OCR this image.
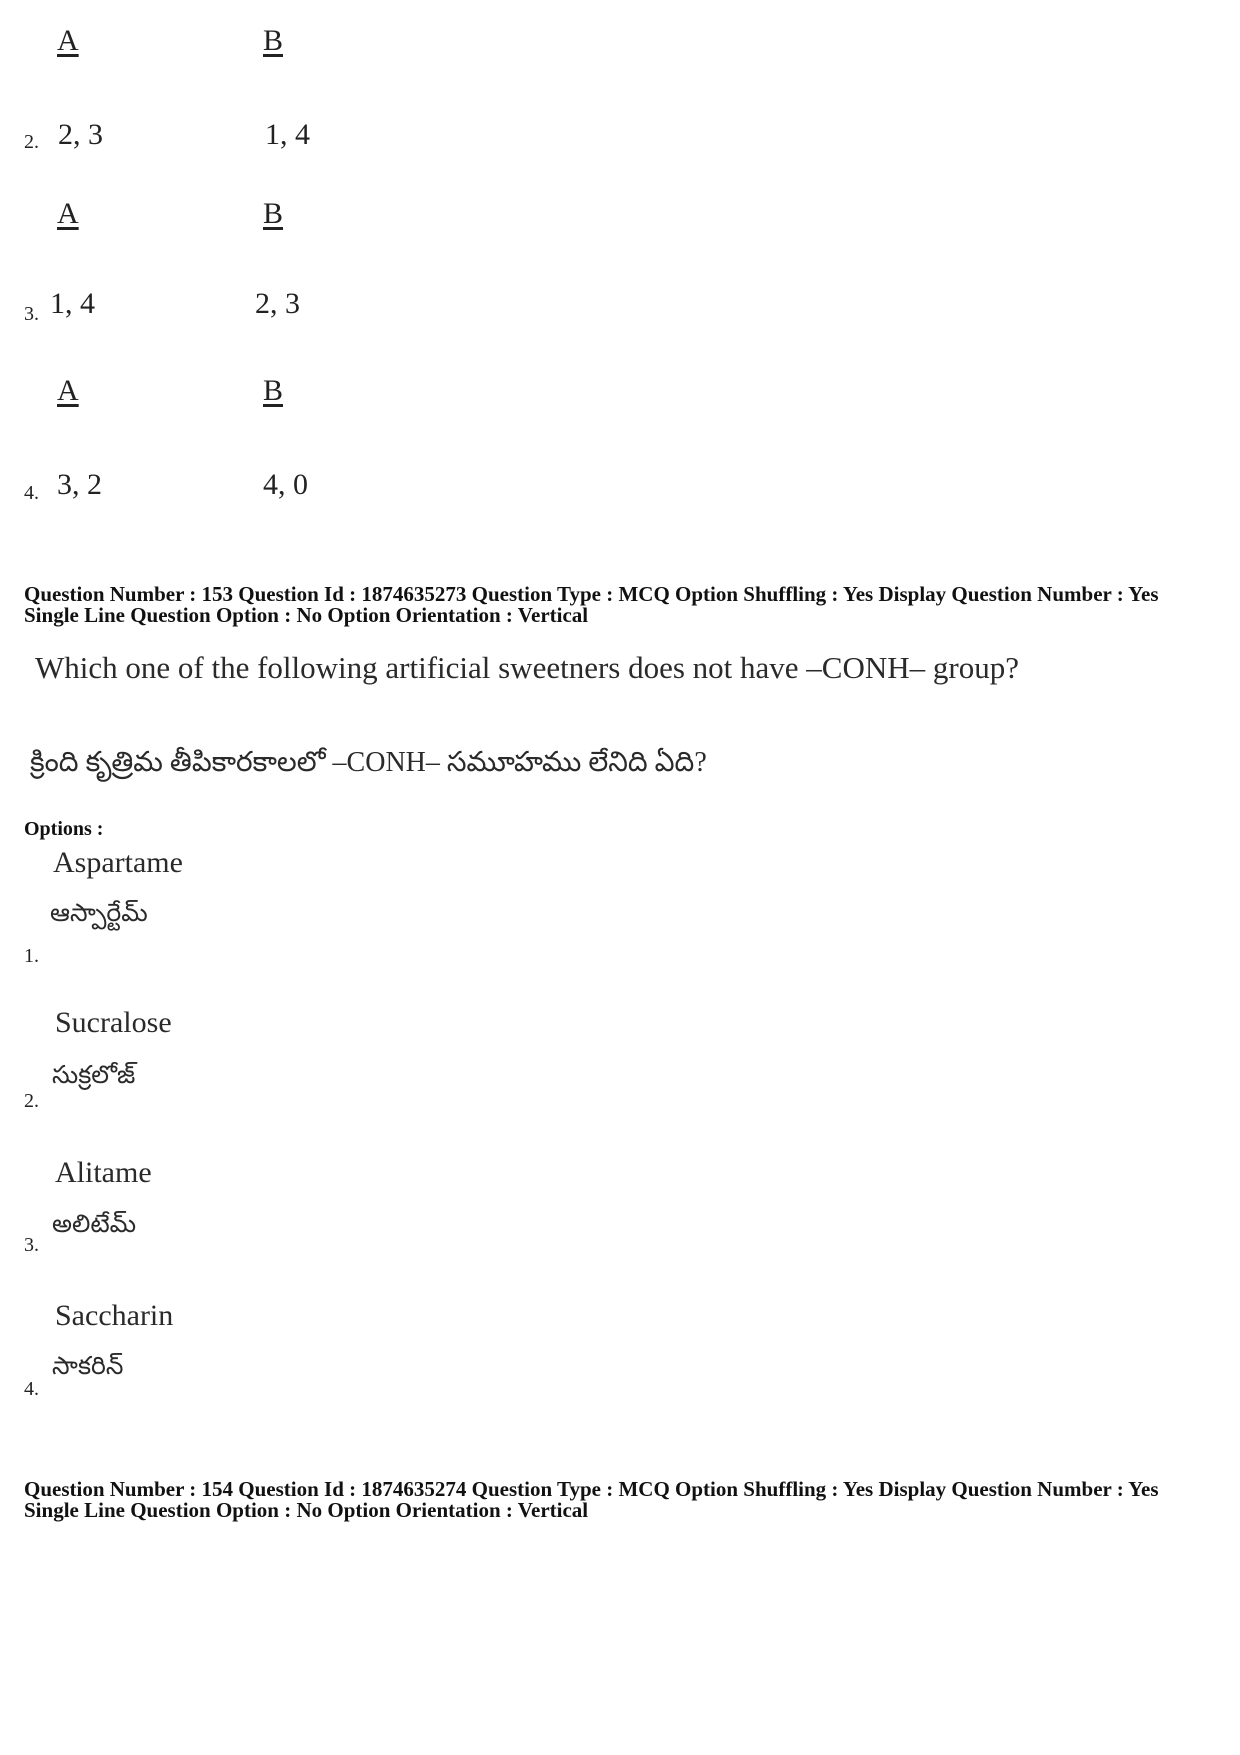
A	B
2. 2, 3	1, 4
A	B
3. 1, 4	2, 3
A	B
4. 3, 2	4, 0
Question Number : 153 Question Id : 1874635273 Question Type : MCQ Option Shuffling : Yes Display Question Number : Yes
Single Line Question Option : No Option Orientation : Vertical
Which one of the following artificial sweetners does not have –CONH– group?
క్రింది కృత్రిమ తీపికారకాలలో –CONH– సమూహము లేనిది ఏది?
Options :
Aspartame
ఆస్పార్టేమ్
1.
Sucralose
సుక్రలోజ్
2.
Alitame
అలిటేమ్
3.
Saccharin
సాకరిన్
4.
Question Number : 154 Question Id : 1874635274 Question Type : MCQ Option Shuffling : Yes Display Question Number : Yes
Single Line Question Option : No Option Orientation : Vertical
